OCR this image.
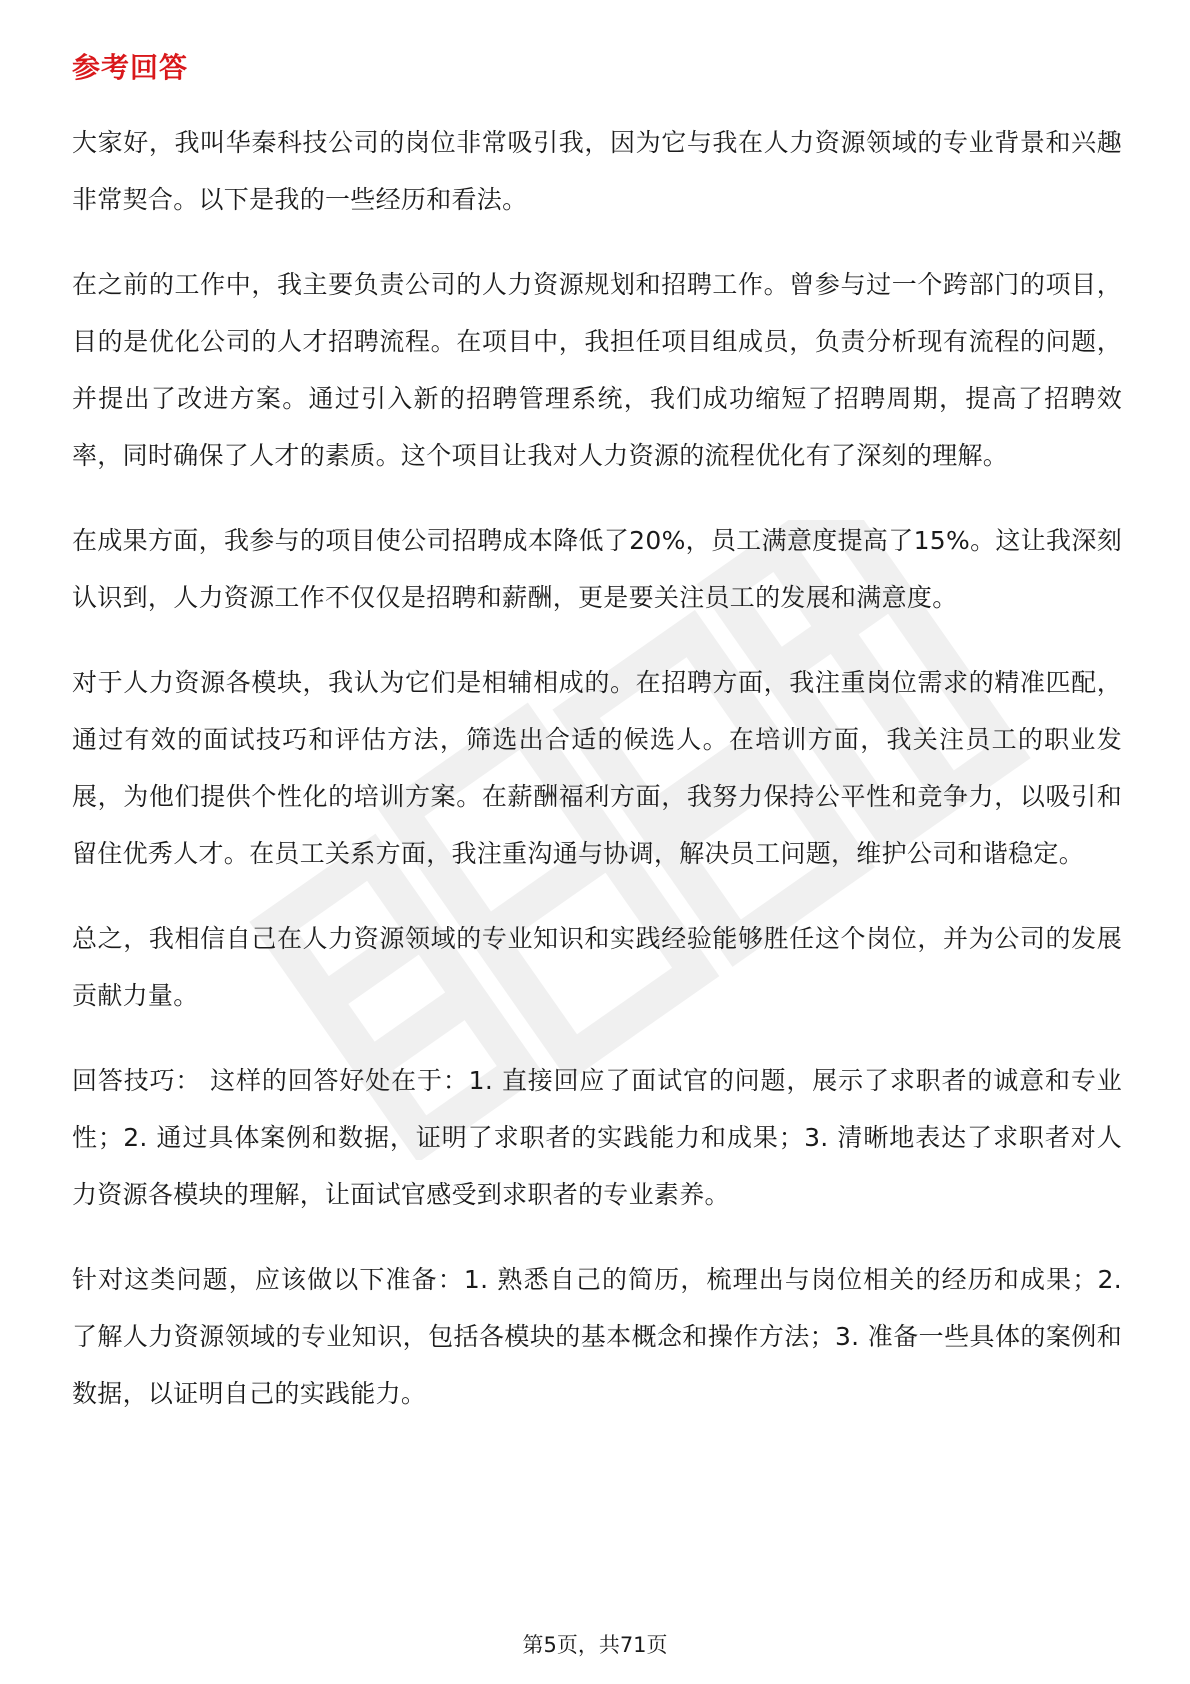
参考回答

大家好，我叫华秦科技公司的岗位非常吸引我，因为它与我在人力资源领域的专业背景和兴趣非常契合。以下是我的一些经历和看法。

在之前的工作中，我主要负责公司的人力资源规划和招聘工作。曾参与过一个跨部门的项目，目的是优化公司的人才招聘流程。在项目中，我担任项目组成员，负责分析现有流程的问题，并提出了改进方案。通过引入新的招聘管理系统，我们成功缩短了招聘周期，提高了招聘效率，同时确保了人才的素质。这个项目让我对人力资源的流程优化有了深刻的理解。

在成果方面，我参与的项目使公司招聘成本降低了20%，员工满意度提高了15%。这让我深刻认识到，人力资源工作不仅仅是招聘和薪酬，更是要关注员工的发展和满意度。

对于人力资源各模块，我认为它们是相辅相成的。在招聘方面，我注重岗位需求的精准匹配，通过有效的面试技巧和评估方法，筛选出合适的候选人。在培训方面，我关注员工的职业发展，为他们提供个性化的培训方案。在薪酬福利方面，我努力保持公平性和竞争力，以吸引和留住优秀人才。在员工关系方面，我注重沟通与协调，解决员工问题，维护公司和谐稳定。

总之，我相信自己在人力资源领域的专业知识和实践经验能够胜任这个岗位，并为公司的发展贡献力量。

回答技巧： 这样的回答好处在于：1. 直接回应了面试官的问题，展示了求职者的诚意和专业性；2. 通过具体案例和数据，证明了求职者的实践能力和成果；3. 清晰地表达了求职者对人力资源各模块的理解，让面试官感受到求职者的专业素养。

针对这类问题，应该做以下准备：1. 熟悉自己的简历，梳理出与岗位相关的经历和成果；2. 了解人力资源领域的专业知识，包括各模块的基本概念和操作方法；3. 准备一些具体的案例和数据，以证明自己的实践能力。

第5页，共71页
